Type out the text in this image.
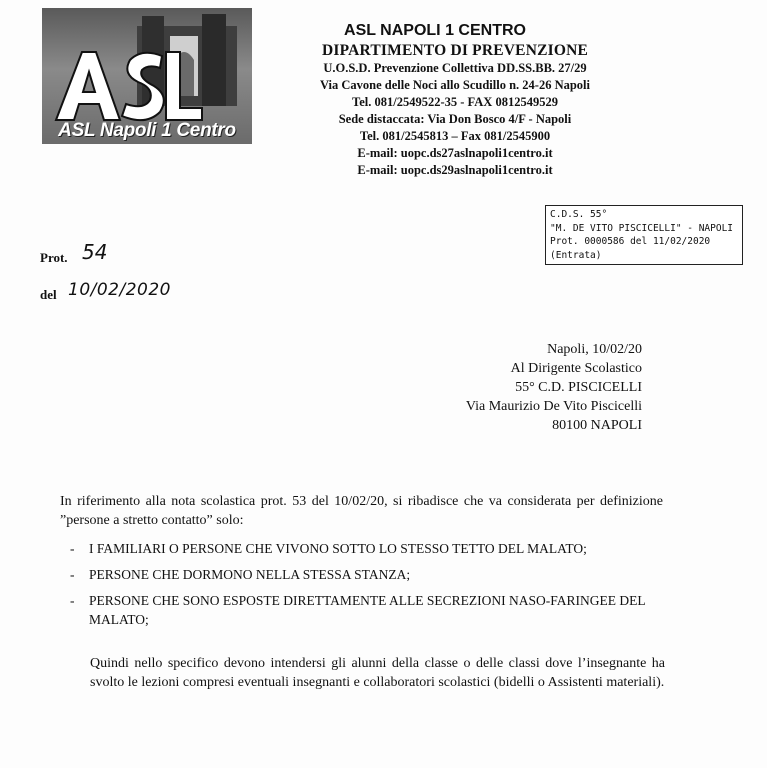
ASL Napoli 1 Centro
ASL NAPOLI 1 CENTRO
DIPARTIMENTO DI PREVENZIONE
U.O.S.D. Prevenzione Collettiva DD.SS.BB. 27/29
Via Cavone delle Noci allo Scudillo n. 24-26 Napoli
Tel. 081/2549522-35 - FAX 0812549529
Sede distaccata: Via Don Bosco 4/F - Napoli
Tel. 081/2545813 – Fax 081/2545900
E-mail: uopc.ds27aslnapoli1centro.it
E-mail: uopc.ds29aslnapoli1centro.it
C.D.S. 55°
"M. DE VITO PISCICELLI" - NAPOLI
Prot. 0000586 del 11/02/2020
(Entrata)
Prot. 54
del 10/02/2020
Napoli, 10/02/20
Al Dirigente Scolastico
55° C.D. PISCICELLI
Via Maurizio De Vito Piscicelli
80100 NAPOLI
In riferimento alla nota scolastica prot. 53 del 10/02/20, si ribadisce che va considerata per definizione ”persone a stretto contatto” solo:
- I FAMILIARI O PERSONE CHE VIVONO SOTTO LO STESSO TETTO DEL MALATO;
- PERSONE CHE DORMONO NELLA STESSA STANZA;
- PERSONE CHE SONO ESPOSTE DIRETTAMENTE ALLE SECREZIONI NASO-FARINGEE DEL MALATO;
Quindi nello specifico devono intendersi gli alunni della classe o delle classi dove l’insegnante ha svolto le lezioni compresi eventuali insegnanti e collaboratori scolastici (bidelli o Assistenti materiali).
